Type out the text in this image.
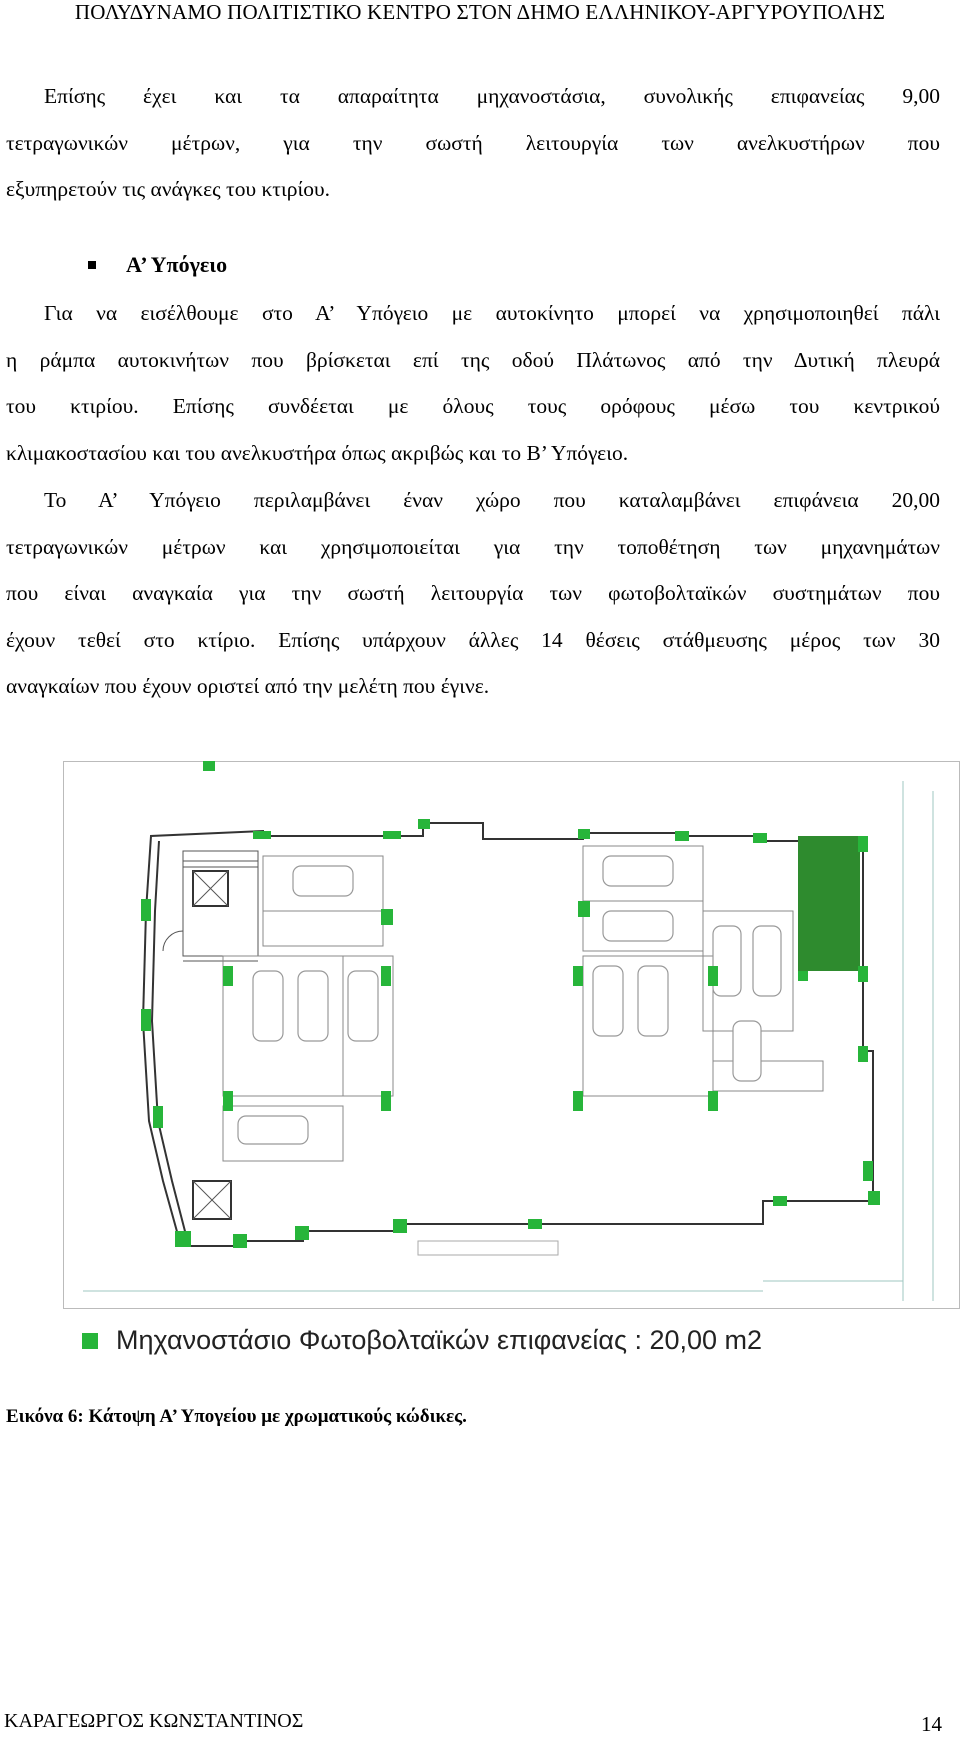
ΠΟΛΥΔΥΝΑΜΟ ΠΟΛΙΤΙΣΤΙΚΟ ΚΕΝΤΡΟ ΣΤΟΝ ΔΗΜΟ ΕΛΛΗΝΙΚΟΥ-ΑΡΓΥΡΟΥΠΟΛΗΣ
Επίσης έχει και τα απαραίτητα μηχανοστάσια, συνολικής επιφανείας 9,00
τετραγωνικών μέτρων, για την σωστή λειτουργία των ανελκυστήρων που
εξυπηρετούν τις ανάγκες του κτιρίου.
Α’ Υπόγειο
Για να εισέλθουμε στο Α’ Υπόγειο με αυτοκίνητο μπορεί να χρησιμοποιηθεί πάλι
η ράμπα αυτοκινήτων που βρίσκεται επί της οδού Πλάτωνος από την Δυτική πλευρά
του κτιρίου. Επίσης συνδέεται με όλους τους ορόφους μέσω του κεντρικού
κλιμακοστασίου και του ανελκυστήρα όπως ακριβώς και το Β’ Υπόγειο.
Το Α’ Υπόγειο περιλαμβάνει έναν χώρο που καταλαμβάνει επιφάνεια 20,00
τετραγωνικών μέτρων και χρησιμοποιείται για την τοποθέτηση των μηχανημάτων
που είναι αναγκαία για την σωστή λειτουργία των φωτοβολταϊκών συστημάτων που
έχουν τεθεί στο κτίριο. Επίσης υπάρχουν άλλες 14 θέσεις στάθμευσης μέρος των 30
αναγκαίων που έχουν οριστεί από την μελέτη που έγινε.
Μηχανοστάσιο Φωτοβολταϊκών επιφανείας : 20,00 m2
Εικόνα 6: Κάτοψη Α’ Υπογείου με χρωματικούς κώδικες.
ΚΑΡΑΓΕΩΡΓΟΣ ΚΩΝΣΤΑΝΤΙΝΟΣ	14
